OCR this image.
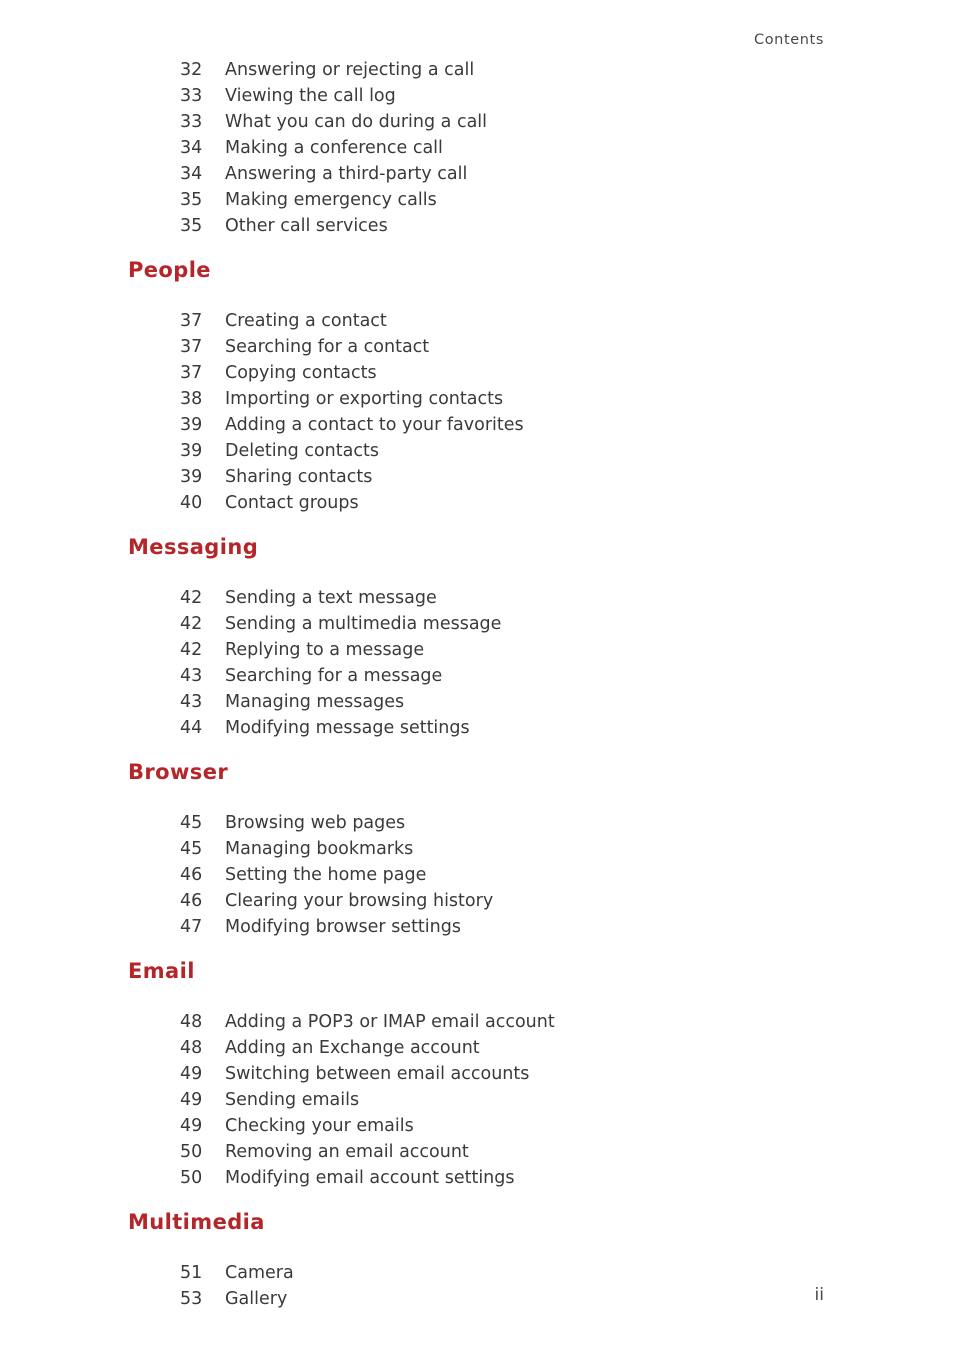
Contents
32	Answering or rejecting a call
33	Viewing the call log
33	What you can do during a call
34	Making a conference call
34	Answering a third-party call
35	Making emergency calls
35	Other call services
People
37	Creating a contact
37	Searching for a contact
37	Copying contacts
38	Importing or exporting contacts
39	Adding a contact to your favorites
39	Deleting contacts
39	Sharing contacts
40	Contact groups
Messaging
42	Sending a text message
42	Sending a multimedia message
42	Replying to a message
43	Searching for a message
43	Managing messages
44	Modifying message settings
Browser
45	Browsing web pages
45	Managing bookmarks
46	Setting the home page
46	Clearing your browsing history
47	Modifying browser settings
Email
48	Adding a POP3 or IMAP email account
48	Adding an Exchange account
49	Switching between email accounts
49	Sending emails
49	Checking your emails
50	Removing an email account
50	Modifying email account settings
Multimedia
51	Camera
53	Gallery	ii
